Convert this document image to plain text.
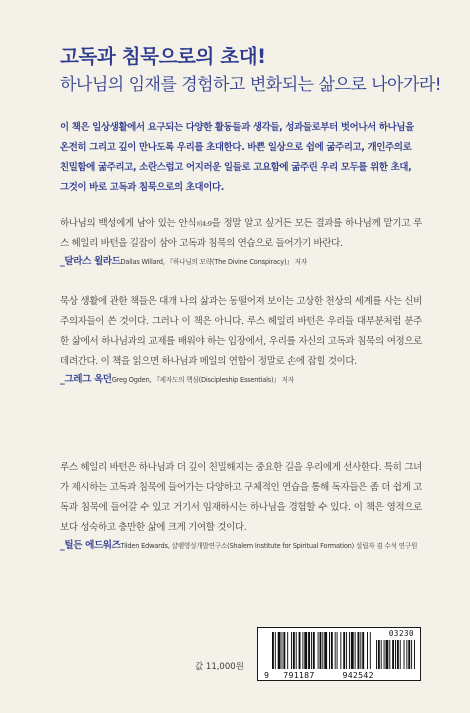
고독과 침묵으로의 초대!
하나님의 임재를 경험하고 변화되는 삶으로 나아가라!
이 책은 일상생활에서 요구되는 다양한 활동들과 생각들, 성과들로부터 벗어나서 하나님을 온전히 그리고 깊이 만나도록 우리를 초대한다. 바쁜 일상으로 쉼에 굶주리고, 개인주의로 친밀함에 굶주리고, 소란스럽고 어지러운 일들로 고요함에 굶주린 우리 모두를 위한 초대, 그것이 바로 고독과 침묵으로의 초대이다.
하나님의 백성에게 남아 있는 안식히4:9을 정말 알고 싶거든 모든 결과를 하나님께 맡기고 루스 헤일리 바턴을 길잡이 삼아 고독과 침묵의 연습으로 들어가기 바란다.
_달라스 윌라드Dallas Willard, 『하나님의 모략(The Divine Conspiracy)』 저자
묵상 생활에 관한 책들은 대개 나의 삶과는 동떨어져 보이는 고상한 천상의 세계를 사는 신비주의자들이 쓴 것이다. 그러나 이 책은 아니다. 루스 헤일리 바턴은 우리들 대부분처럼 분주한 삶에서 하나님과의 교제를 배워야 하는 입장에서, 우리를 자신의 고독과 침묵의 여정으로 데려간다. 이 책을 읽으면 하나님과 메일의 연합이 정말로 손에 잡힐 것이다.
_그레그 옥던Greg Ogden, 『제자도의 핵심(Discipleship Essentials)』 저자
루스 헤일리 바턴은 하나님과 더 깊이 친밀해지는 중요한 길을 우리에게 선사한다. 특히 그녀가 제시하는 고독과 침묵에 들어가는 다양하고 구체적인 연습을 통해 독자들은 좀 더 쉽게 고독과 침묵에 들어갈 수 있고 거기서 임재하시는 하나님을 경험할 수 있다. 이 책은 영적으로 보다 성숙하고 충만한 삶에 크게 기여할 것이다.
_틸든 에드워즈Tilden Edwards, 샬렘영성개발연구소(Shalem Institute for Spiritual Formation) 설립자 겸 수석 연구원
값 11,000원
03230
9 791187	942542
